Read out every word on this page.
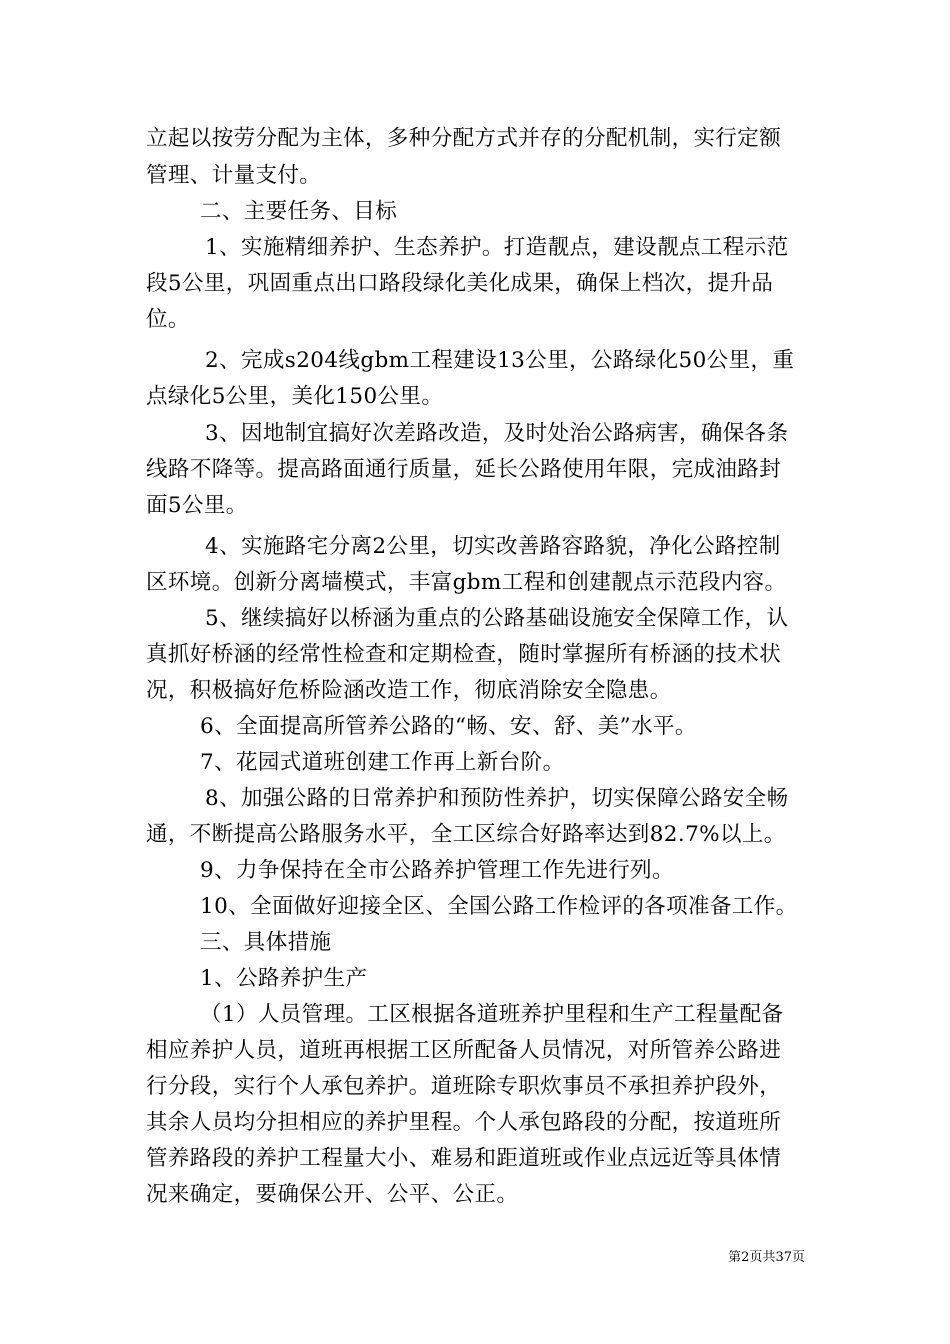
立起以按劳分配为主体，多种分配方式并存的分配机制，实行定额
管理、计量支付。
二、主要任务、目标
1、实施精细养护、生态养护。打造靓点，建设靓点工程示范
段5公里，巩固重点出口路段绿化美化成果，确保上档次，提升品
位。
2、完成s204线gbm工程建设13公里，公路绿化50公里，重
点绿化5公里，美化150公里。
3、因地制宜搞好次差路改造，及时处治公路病害，确保各条
线路不降等。提高路面通行质量，延长公路使用年限，完成油路封
面5公里。
4、实施路宅分离2公里，切实改善路容路貌，净化公路控制
区环境。创新分离墙模式，丰富gbm工程和创建靓点示范段内容。
5、继续搞好以桥涵为重点的公路基础设施安全保障工作，认
真抓好桥涵的经常性检查和定期检查，随时掌握所有桥涵的技术状
况，积极搞好危桥险涵改造工作，彻底消除安全隐患。
6、全面提高所管养公路的“畅、安、舒、美”水平。
7、花园式道班创建工作再上新台阶。
8、加强公路的日常养护和预防性养护，切实保障公路安全畅
通，不断提高公路服务水平，全工区综合好路率达到82.7%以上。
9、力争保持在全市公路养护管理工作先进行列。
10、全面做好迎接全区、全国公路工作检评的各项准备工作。
三、具体措施
1、公路养护生产
（1）人员管理。工区根据各道班养护里程和生产工程量配备
相应养护人员，道班再根据工区所配备人员情况，对所管养公路进
行分段，实行个人承包养护。道班除专职炊事员不承担养护段外，
其余人员均分担相应的养护里程。个人承包路段的分配，按道班所
管养路段的养护工程量大小、难易和距道班或作业点远近等具体情
况来确定，要确保公开、公平、公正。
第2页共37页
